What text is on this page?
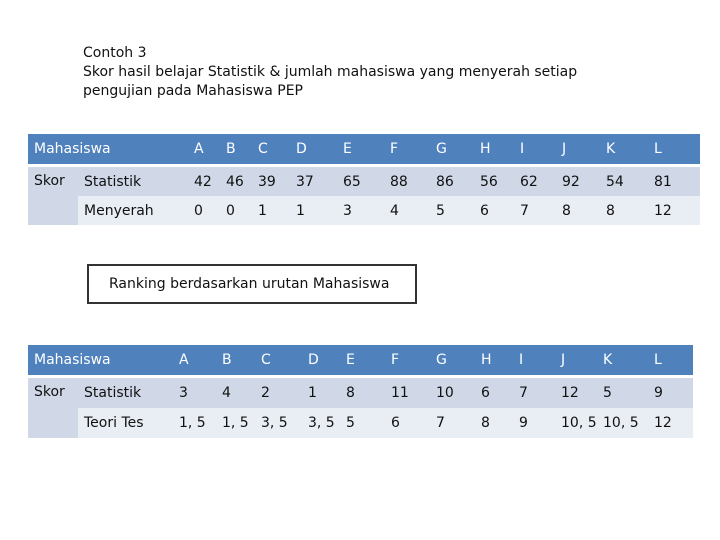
Contoh 3
Skor hasil belajar Statistik & jumlah mahasiswa yang menyerah setiap
pengujian pada Mahasiswa PEP
Mahasiswa		A	B	C	D	E	F	G	H	I	J	K	L
Skor	Statistik	42	46	39	37	65	88	86	56	62	92	54	81
	Menyerah	0	0	1	1	3	4	5	6	7	8	8	12
Ranking berdasarkan urutan Mahasiswa
Mahasiswa		A	B	C	D	E	F	G	H	I	J	K	L
Skor	Statistik	3	4	2	1	8	11	10	6	7	12	5	9
	Teori Tes	1, 5	1, 5	3, 5	3, 5	5	6	7	8	9	10, 5	10, 5	12
